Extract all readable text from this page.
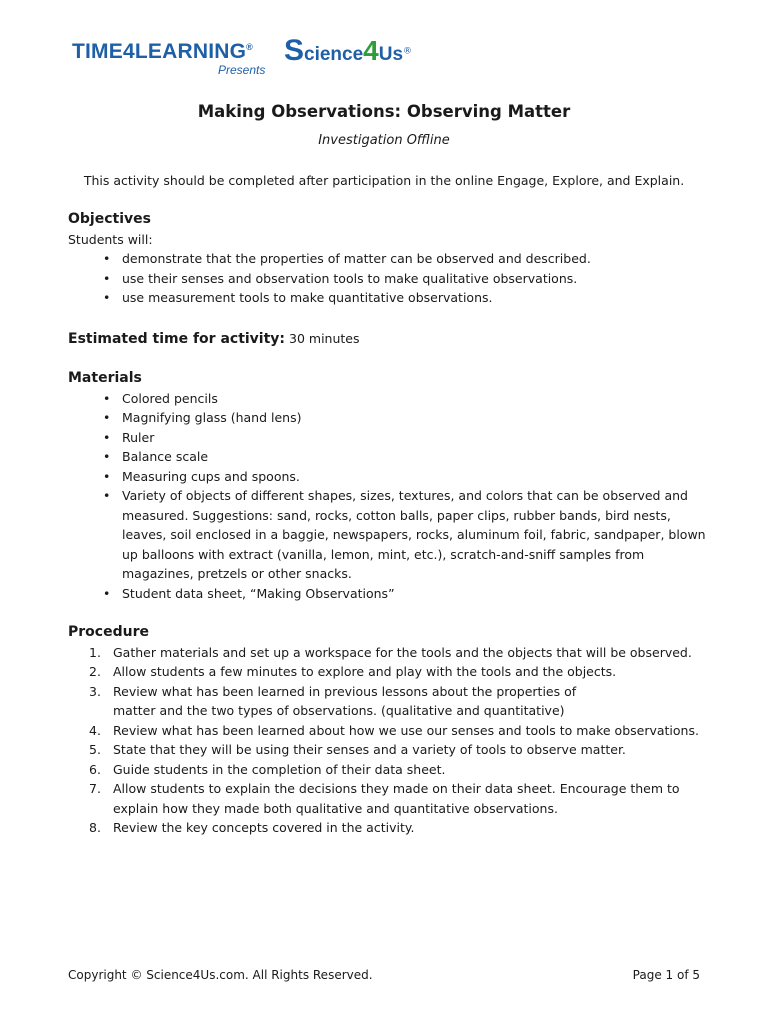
TIME4LEARNING®
Presents
Science4Us®
Making Observations: Observing Matter
Investigation Offline
This activity should be completed after participation in the online Engage, Explore, and Explain.
Objectives
Students will:
• demonstrate that the properties of matter can be observed and described.
• use their senses and observation tools to make qualitative observations.
• use measurement tools to make quantitative observations.
Estimated time for activity: 30 minutes
Materials
• Colored pencils
• Magnifying glass (hand lens)
• Ruler
• Balance scale
• Measuring cups and spoons.
• Variety of objects of different shapes, sizes, textures, and colors that can be observed and measured. Suggestions: sand, rocks, cotton balls, paper clips, rubber bands, bird nests, leaves, soil enclosed in a baggie, newspapers, rocks, aluminum foil, fabric, sandpaper, blown up balloons with extract (vanilla, lemon, mint, etc.), scratch-and-sniff samples from magazines, pretzels or other snacks.
• Student data sheet, “Making Observations”
Procedure
1. Gather materials and set up a workspace for the tools and the objects that will be observed.
2. Allow students a few minutes to explore and play with the tools and the objects.
3. Review what has been learned in previous lessons about the properties of matter and the two types of observations. (qualitative and quantitative)
4. Review what has been learned about how we use our senses and tools to make observations.
5. State that they will be using their senses and a variety of tools to observe matter.
6. Guide students in the completion of their data sheet.
7. Allow students to explain the decisions they made on their data sheet. Encourage them to explain how they made both qualitative and quantitative observations.
8. Review the key concepts covered in the activity.
Copyright © Science4Us.com. All Rights Reserved.	Page 1 of 5
